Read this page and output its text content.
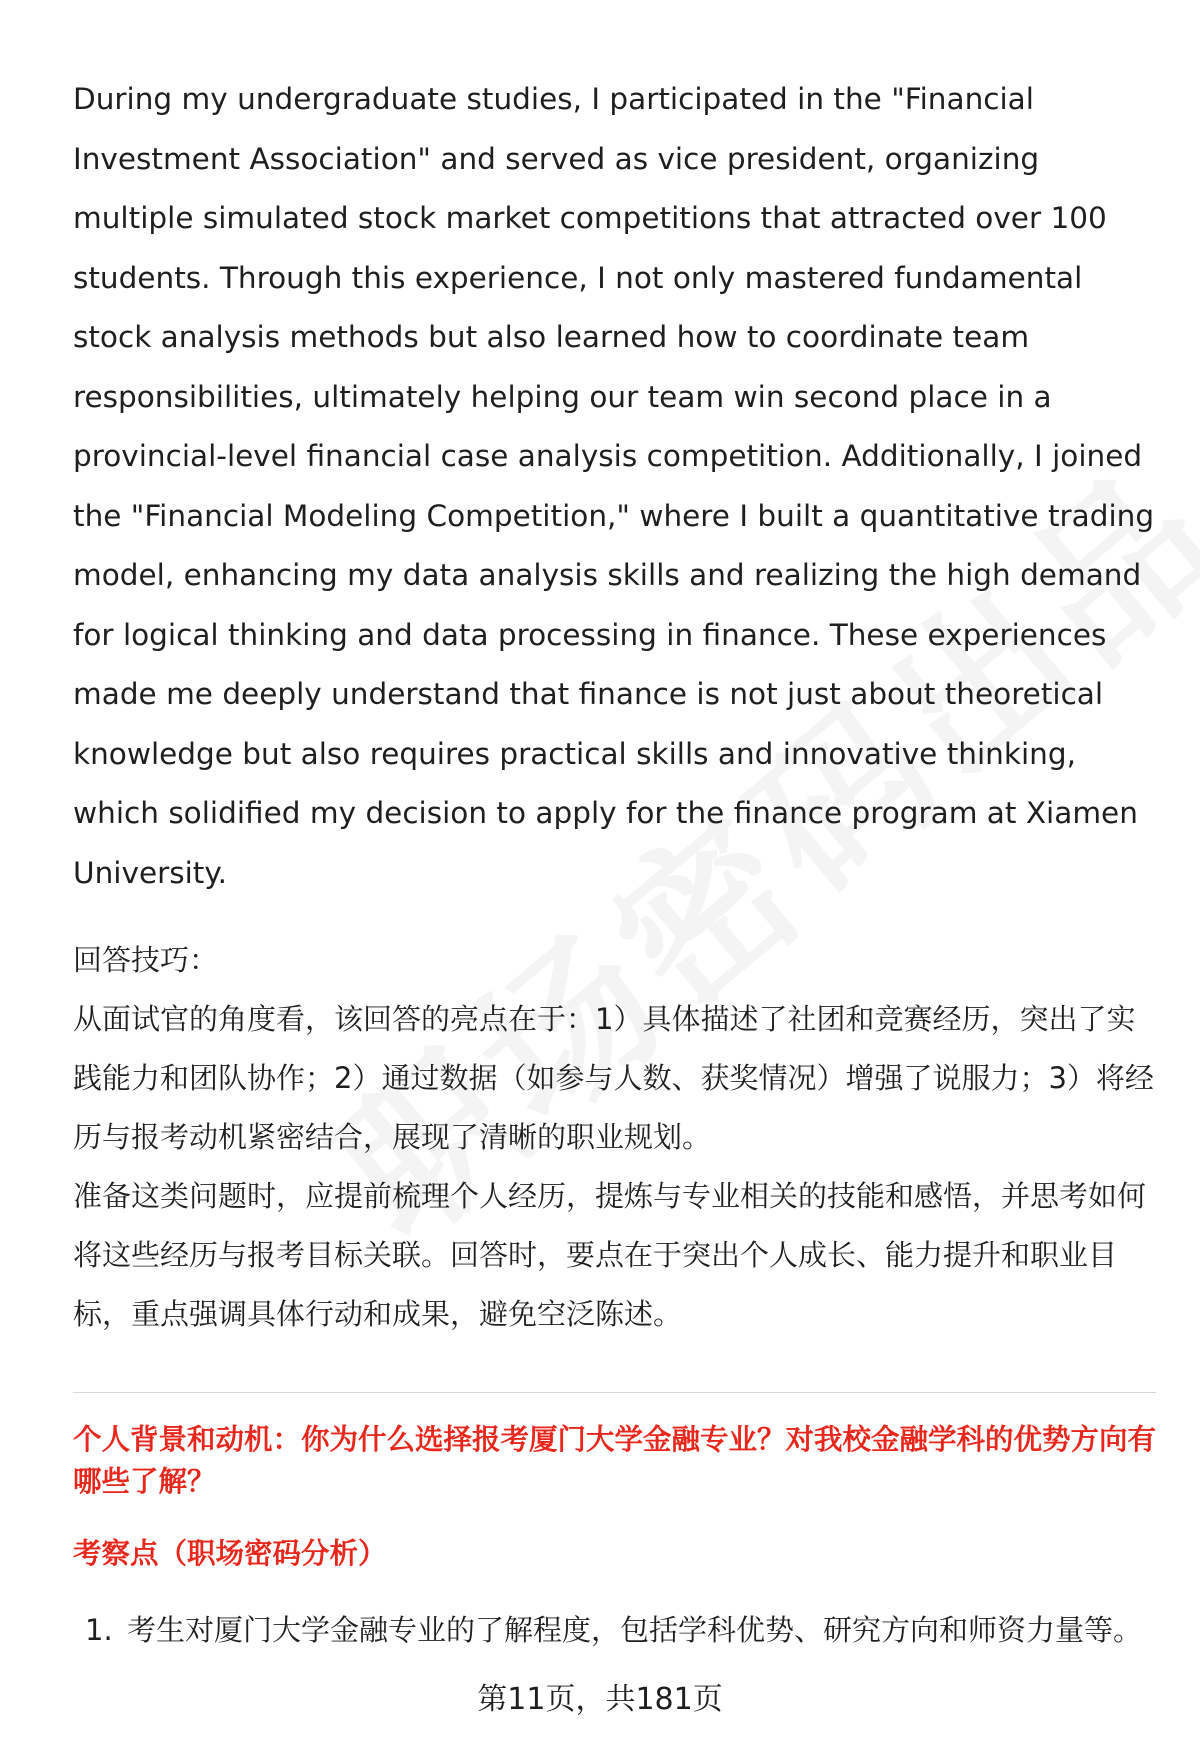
During my undergraduate studies, I participated in the "Financial Investment Association" and served as vice president, organizing multiple simulated stock market competitions that attracted over 100 students. Through this experience, I not only mastered fundamental stock analysis methods but also learned how to coordinate team responsibilities, ultimately helping our team win second place in a provincial-level financial case analysis competition. Additionally, I joined the "Financial Modeling Competition," where I built a quantitative trading model, enhancing my data analysis skills and realizing the high demand for logical thinking and data processing in finance. These experiences made me deeply understand that finance is not just about theoretical knowledge but also requires practical skills and innovative thinking, which solidified my decision to apply for the finance program at Xiamen University.

回答技巧：

从面试官的角度看，该回答的亮点在于：1）具体描述了社团和竞赛经历，突出了实践能力和团队协作；2）通过数据（如参与人数、获奖情况）增强了说服力；3）将经历与报考动机紧密结合，展现了清晰的职业规划。

准备这类问题时，应提前梳理个人经历，提炼与专业相关的技能和感悟，并思考如何将这些经历与报考目标关联。回答时，要点在于突出个人成长、能力提升和职业目标，重点强调具体行动和成果，避免空泛陈述。

个人背景和动机：你为什么选择报考厦门大学金融专业？对我校金融学科的优势方向有哪些了解？

考察点（职场密码分析）

1. 考生对厦门大学金融专业的了解程度，包括学科优势、研究方向和师资力量等。
第11页，共181页
